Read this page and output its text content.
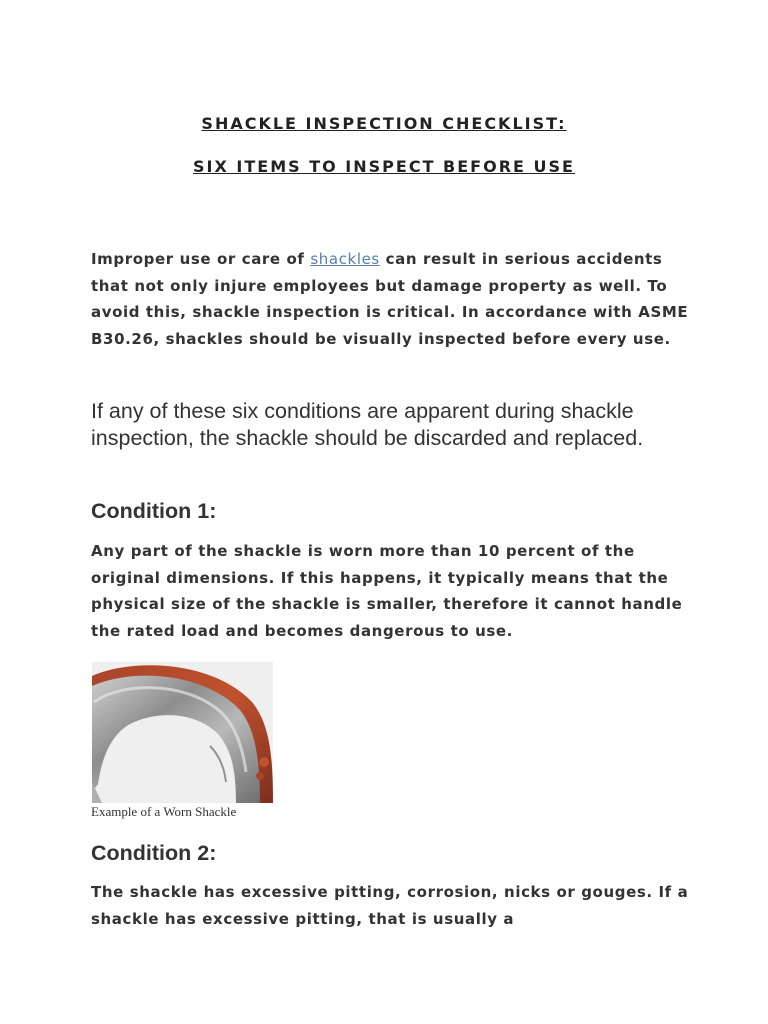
SHACKLE INSPECTION CHECKLIST:

SIX ITEMS TO INSPECT BEFORE USE

Improper use or care of shackles can result in serious accidents that not only injure employees but damage property as well. To avoid this, shackle inspection is critical. In accordance with ASME B30.26, shackles should be visually inspected before every use.

If any of these six conditions are apparent during shackle inspection, the shackle should be discarded and replaced.

Condition 1:

Any part of the shackle is worn more than 10 percent of the original dimensions. If this happens, it typically means that the physical size of the shackle is smaller, therefore it cannot handle the rated load and becomes dangerous to use.

Example of a Worn Shackle

Condition 2:

The shackle has excessive pitting, corrosion, nicks or gouges. If a shackle has excessive pitting, that is usually a
